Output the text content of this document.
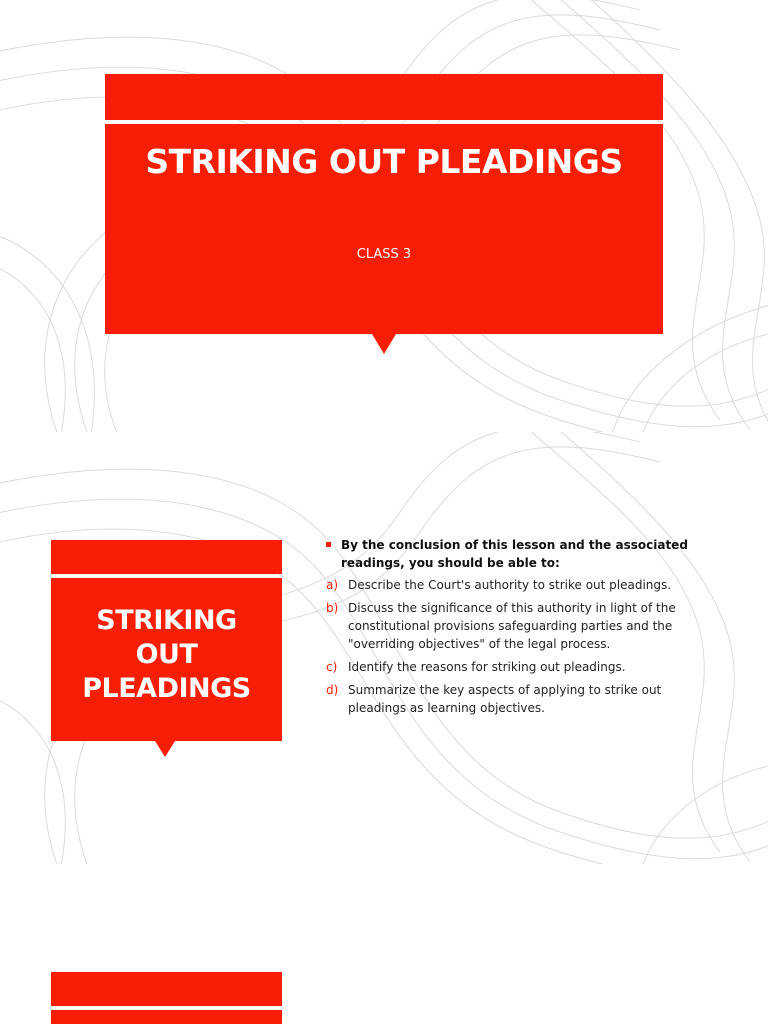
STRIKING OUT PLEADINGS

CLASS 3

STRIKING
OUT
PLEADINGS
By the conclusion of this lesson and the associated
readings, you should be able to:
a) Describe the Court's authority to strike out pleadings.
b) Discuss the significance of this authority in light of the
constitutional provisions safeguarding parties and the
"overriding objectives" of the legal process.
c) Identify the reasons for striking out pleadings.
d) Summarize the key aspects of applying to strike out
pleadings as learning objectives.
